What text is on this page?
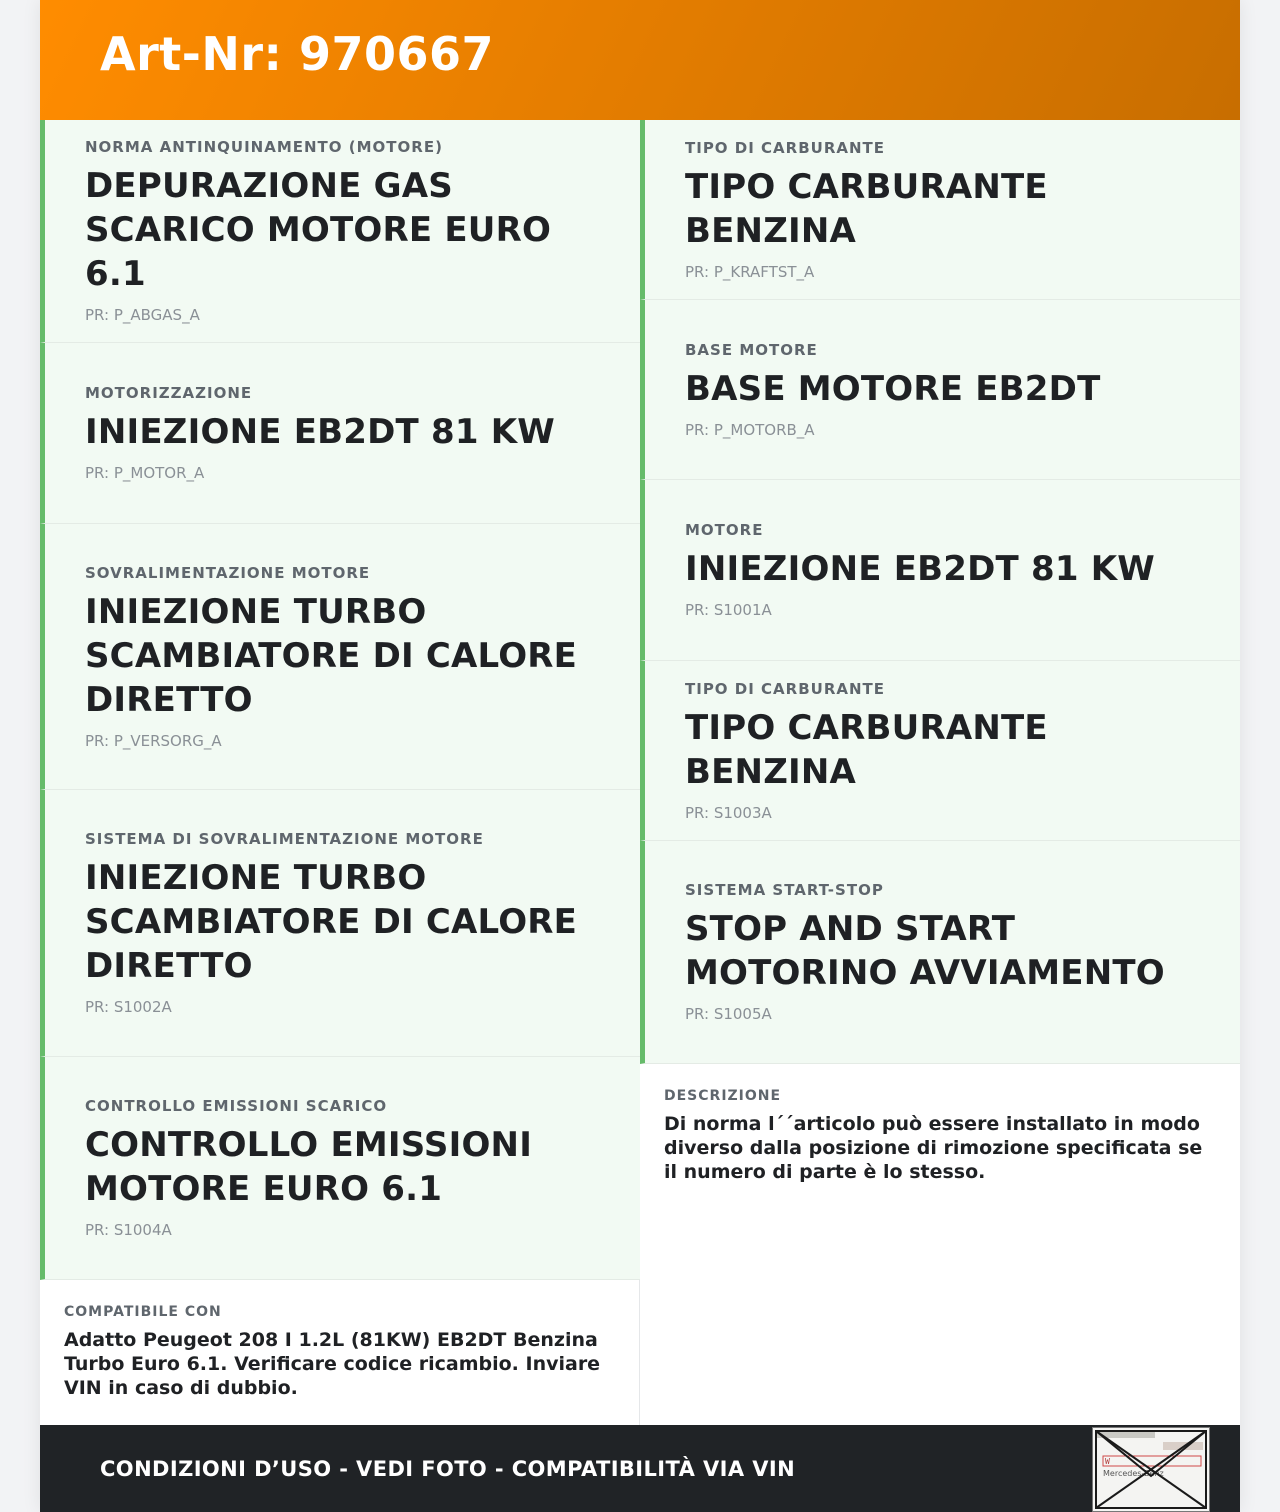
Art-Nr: 970667
NORMA ANTINQUINAMENTO (MOTORE)
DEPURAZIONE GAS SCARICO MOTORE EURO 6.1
PR: P_ABGAS_A
MOTORIZZAZIONE
INIEZIONE EB2DT 81 KW
PR: P_MOTOR_A
SOVRALIMENTAZIONE MOTORE
INIEZIONE TURBO SCAMBIATORE DI CALORE DIRETTO
PR: P_VERSORG_A
SISTEMA DI SOVRALIMENTAZIONE MOTORE
INIEZIONE TURBO SCAMBIATORE DI CALORE DIRETTO
PR: S1002A
CONTROLLO EMISSIONI SCARICO
CONTROLLO EMISSIONI MOTORE EURO 6.1
PR: S1004A
COMPATIBILE CON
Adatto Peugeot 208 I 1.2L (81KW) EB2DT Benzina Turbo Euro 6.1. Verificare codice ricambio. Inviare VIN in caso di dubbio.
TIPO DI CARBURANTE
TIPO CARBURANTE BENZINA
PR: P_KRAFTST_A
BASE MOTORE
BASE MOTORE EB2DT
PR: P_MOTORB_A
MOTORE
INIEZIONE EB2DT 81 KW
PR: S1001A
TIPO DI CARBURANTE
TIPO CARBURANTE BENZINA
PR: S1003A
SISTEMA START-STOP
STOP AND START MOTORINO AVVIAMENTO
PR: S1005A
DESCRIZIONE
Di norma l´´articolo può essere installato in modo diverso dalla posizione di rimozione specificata se il numero di parte è lo stesso.
CONDIZIONI D’USO - VEDI FOTO - COMPATIBILITÀ VIA VIN	W
Mercedes-Benz
